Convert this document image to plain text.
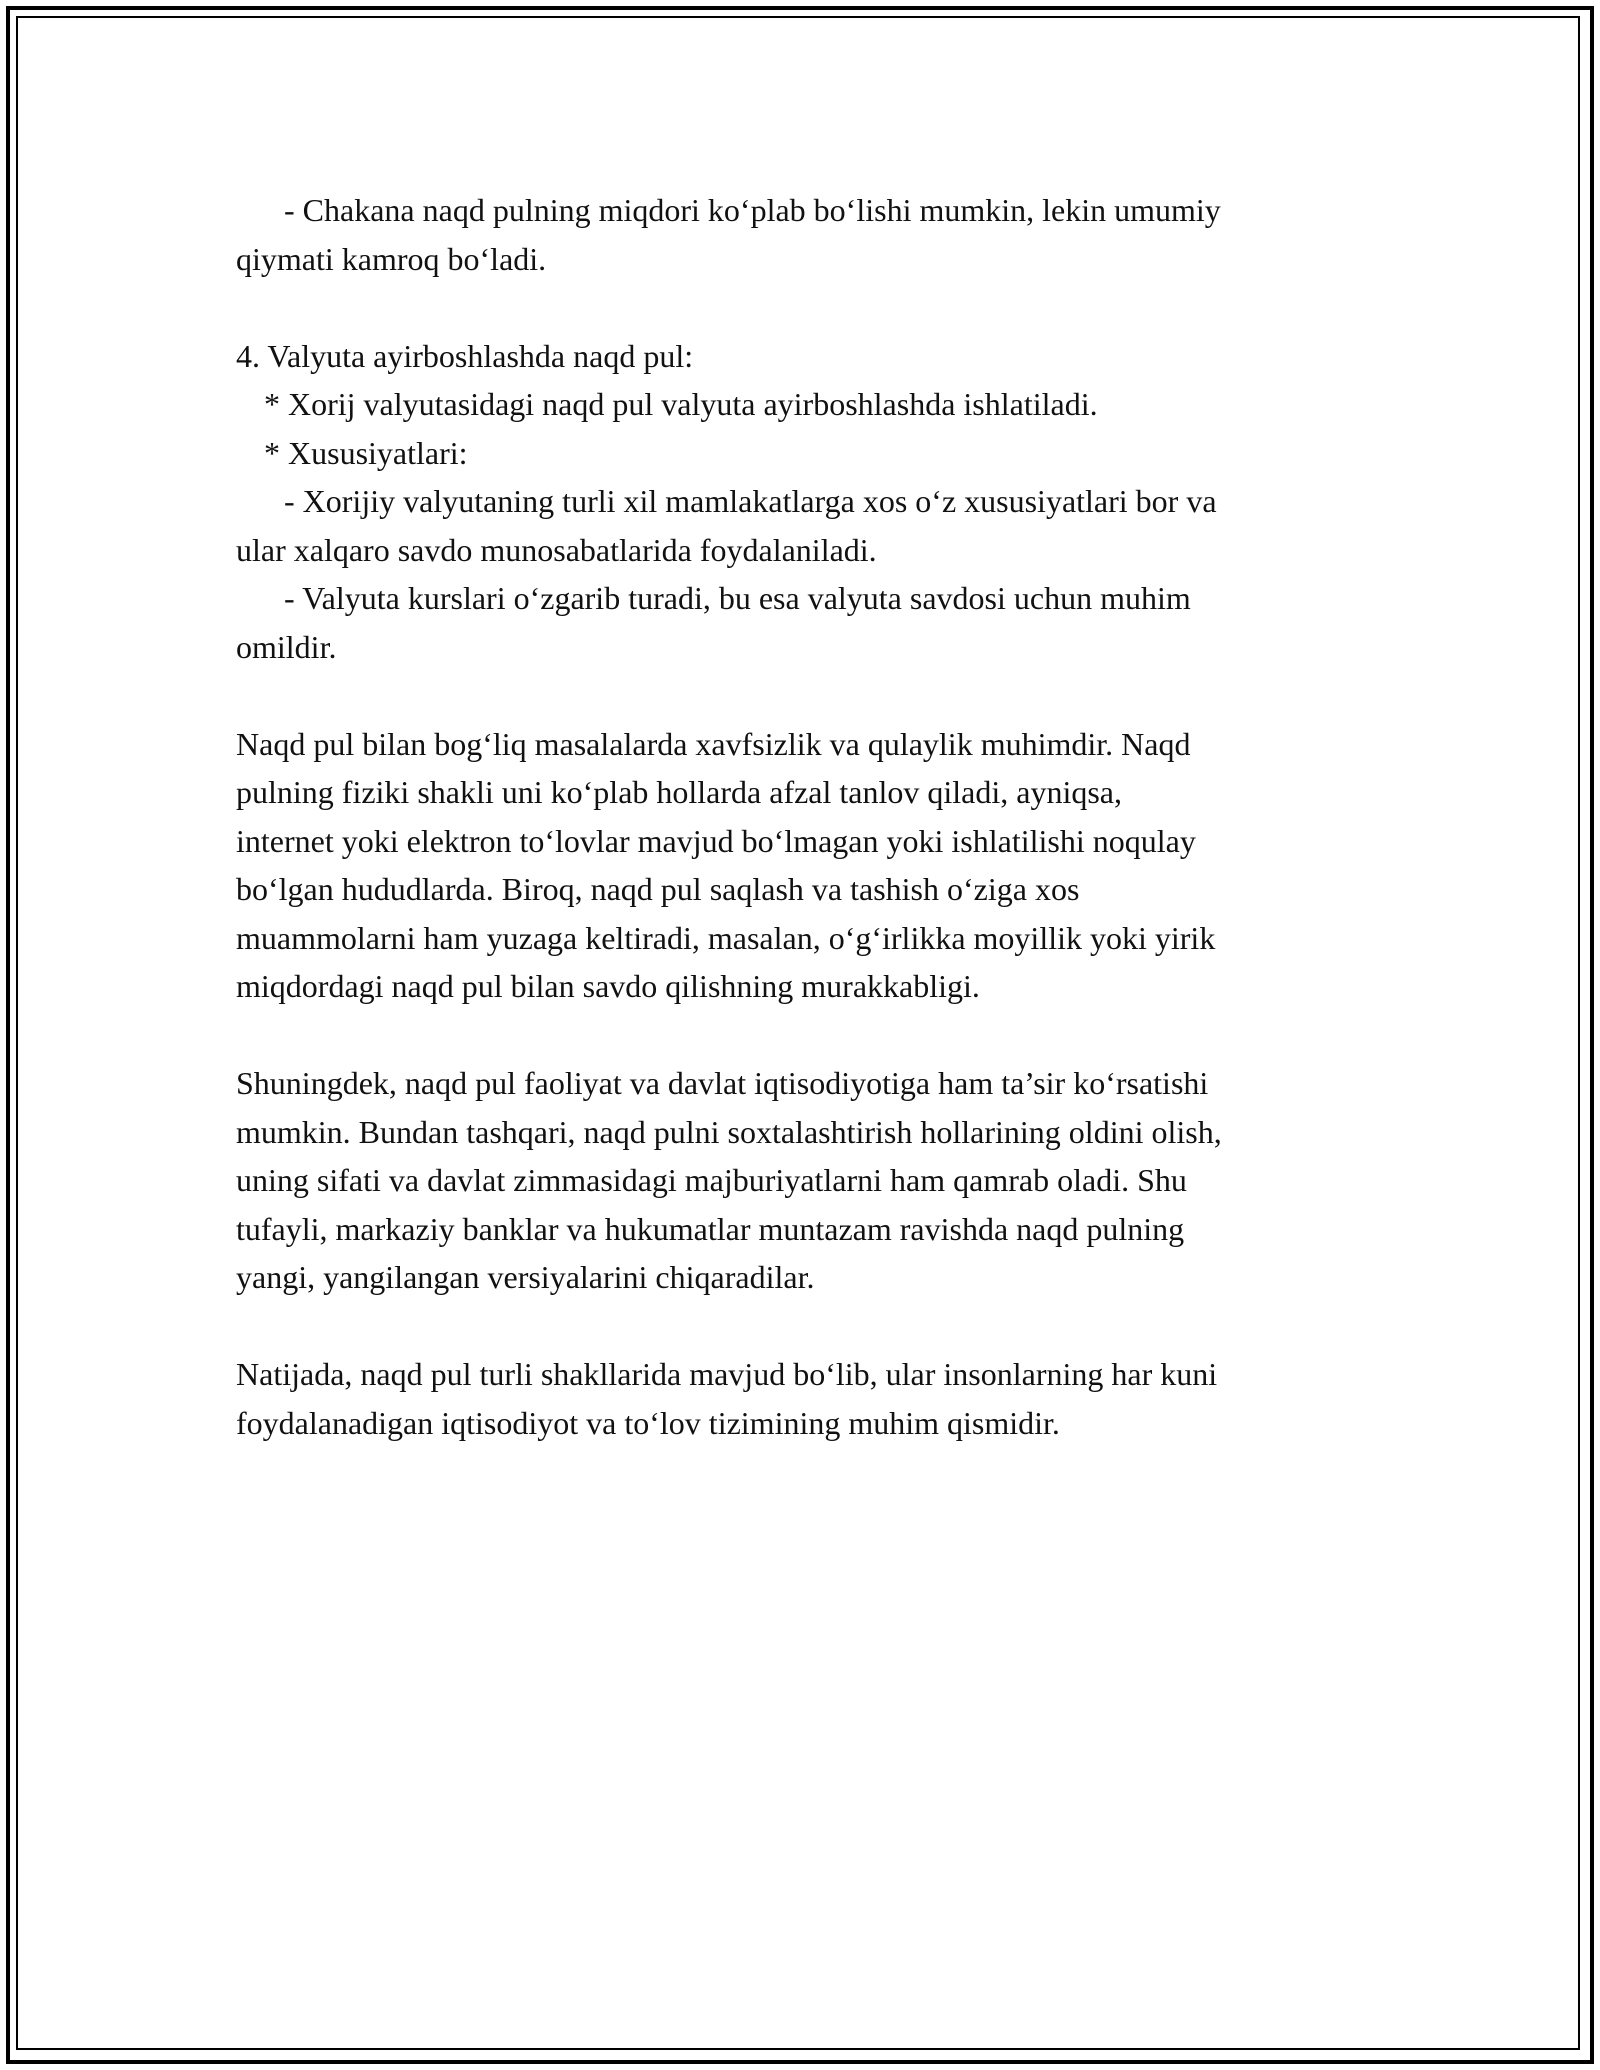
- Chakana naqd pulning miqdori ko‘plab bo‘lishi mumkin, lekin umumiy

qiymati kamroq bo‘ladi.

4. Valyuta ayirboshlashda naqd pul:

* Xorij valyutasidagi naqd pul valyuta ayirboshlashda ishlatiladi.

* Xususiyatlari:

- Xorijiy valyutaning turli xil mamlakatlarga xos o‘z xususiyatlari bor va

ular xalqaro savdo munosabatlarida foydalaniladi.

- Valyuta kurslari o‘zgarib turadi, bu esa valyuta savdosi uchun muhim

omildir.

Naqd pul bilan bog‘liq masalalarda xavfsizlik va qulaylik muhimdir. Naqd

pulning fiziki shakli uni ko‘plab hollarda afzal tanlov qiladi, ayniqsa,

internet yoki elektron to‘lovlar mavjud bo‘lmagan yoki ishlatilishi noqulay

bo‘lgan hududlarda. Biroq, naqd pul saqlash va tashish o‘ziga xos

muammolarni ham yuzaga keltiradi, masalan, o‘g‘irlikka moyillik yoki yirik

miqdordagi naqd pul bilan savdo qilishning murakkabligi.

Shuningdek, naqd pul faoliyat va davlat iqtisodiyotiga ham ta’sir ko‘rsatishi

mumkin. Bundan tashqari, naqd pulni soxtalashtirish hollarining oldini olish,

uning sifati va davlat zimmasidagi majburiyatlarni ham qamrab oladi. Shu

tufayli, markaziy banklar va hukumatlar muntazam ravishda naqd pulning

yangi, yangilangan versiyalarini chiqaradilar.

Natijada, naqd pul turli shakllarida mavjud bo‘lib, ular insonlarning har kuni

foydalanadigan iqtisodiyot va to‘lov tizimining muhim qismidir.
